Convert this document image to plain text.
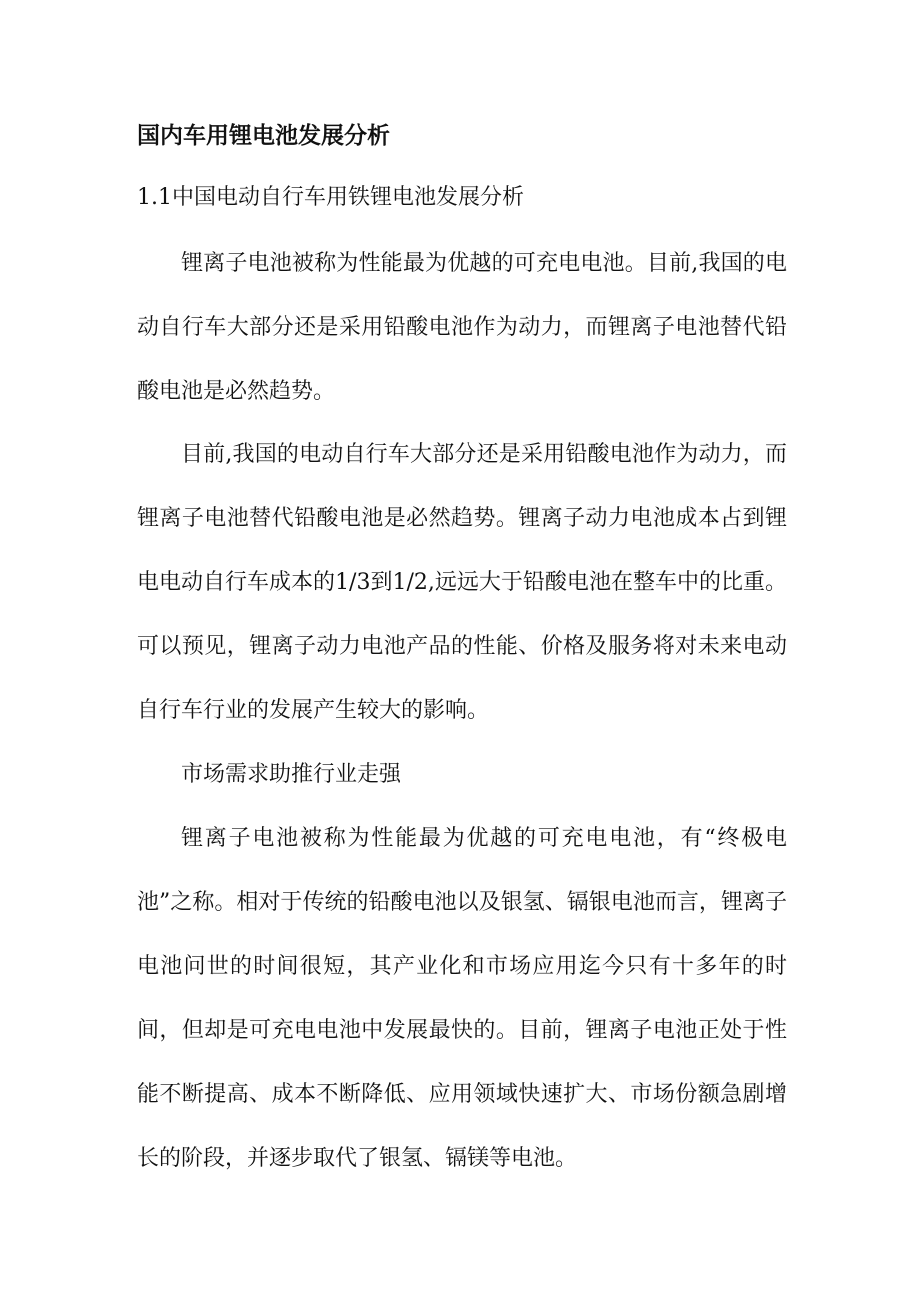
国内车用锂电池发展分析
1.1中国电动自行车用铁锂电池发展分析

锂离子电池被称为性能最为优越的可充电电池。目前,我国的电动自行车大部分还是采用铅酸电池作为动力，而锂离子电池替代铅酸电池是必然趋势。

目前,我国的电动自行车大部分还是采用铅酸电池作为动力，而锂离子电池替代铅酸电池是必然趋势。锂离子动力电池成本占到锂电电动自行车成本的1/3到1/2,远远大于铅酸电池在整车中的比重。可以预见，锂离子动力电池产品的性能、价格及服务将对未来电动自行车行业的发展产生较大的影响。

市场需求助推行业走强

锂离子电池被称为性能最为优越的可充电电池，有“终极电池”之称。相对于传统的铅酸电池以及银氢、镉银电池而言，锂离子电池问世的时间很短，其产业化和市场应用迄今只有十多年的时间，但却是可充电电池中发展最快的。目前，锂离子电池正处于性能不断提高、成本不断降低、应用领域快速扩大、市场份额急剧增长的阶段，并逐步取代了银氢、镉镁等电池。
